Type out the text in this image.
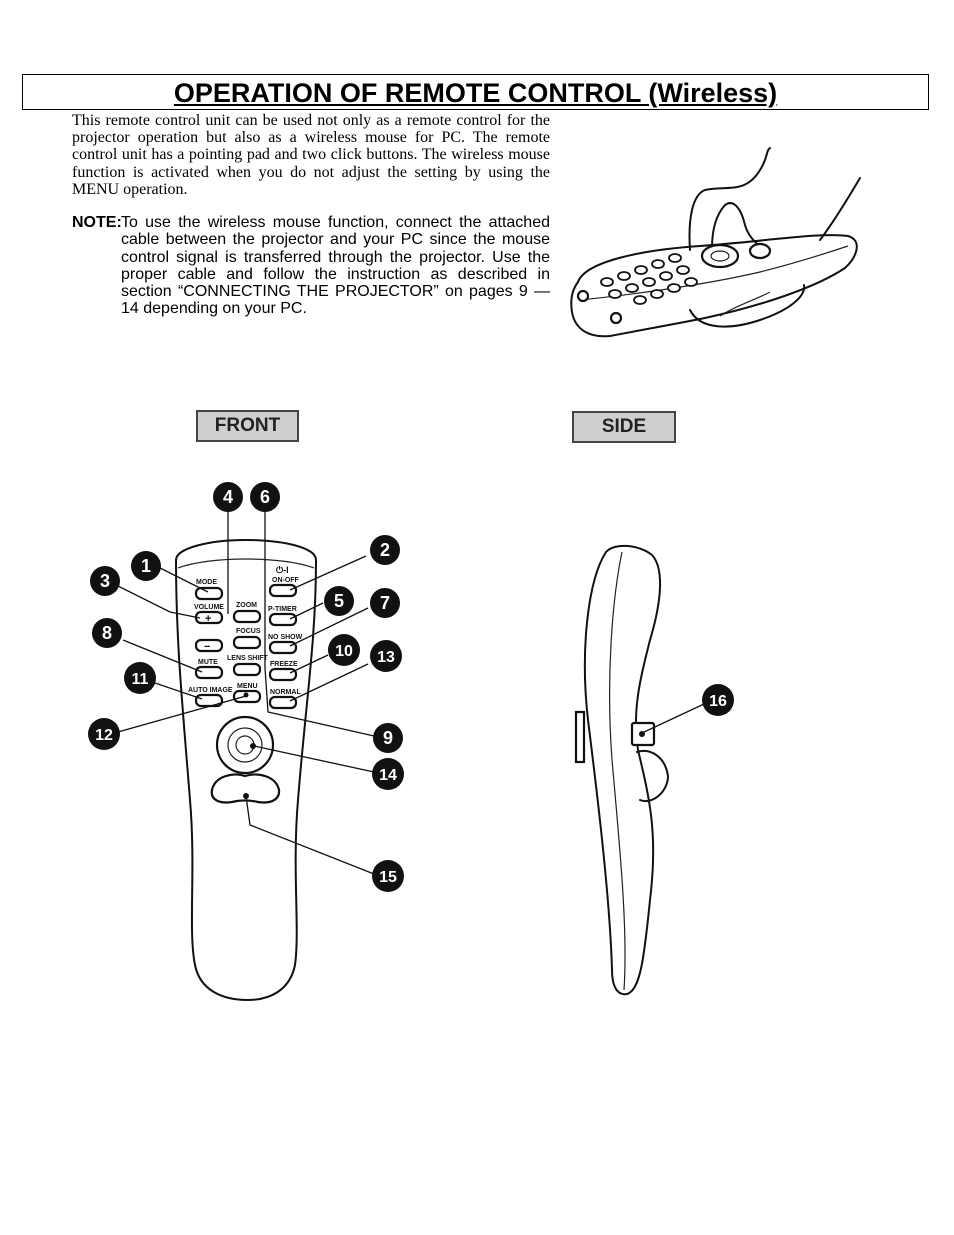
OPERATION OF REMOTE CONTROL (Wireless)

This remote control unit can be used not only as a remote control for the projector operation but also as a wireless mouse for PC. The remote control unit has a pointing pad and two click buttons. The wireless mouse function is activated when you do not adjust the setting by using the MENU operation.

NOTE: To use the wireless mouse function, connect the attached cable between the projector and your PC since the mouse control signal is transferred through the projector. Use the proper cable and follow the instruction as described in section “CONNECTING THE PROJECTOR” on pages 9 — 14 depending on your PC.
FRONT	SIDE
MODE	ON-OFF
⏻-I
VOLUME ZOOM
P-TIMER
FOCUS
NO SHOW
+
−
MUTE
LENS SHIFT
FREEZE
AUTO IMAGE
MENU
NORMAL
1
2
3
4
5
6
7
8
9
10
11
12
13
14
15
16
